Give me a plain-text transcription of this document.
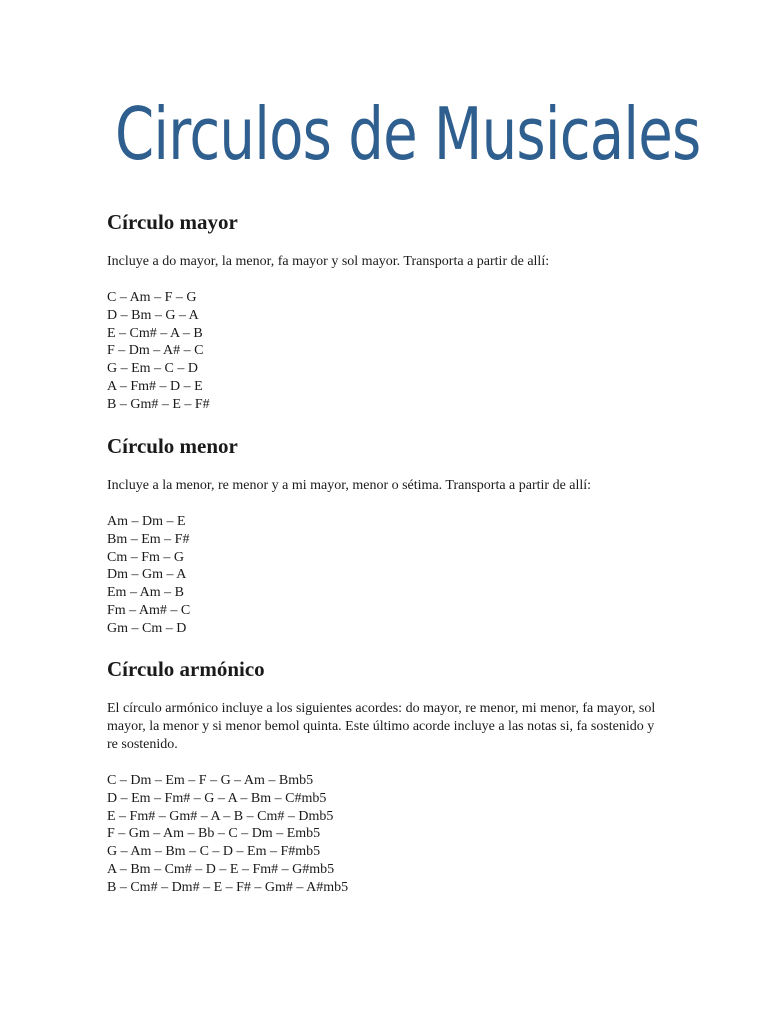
Circulos de Musicales
Círculo mayor

Incluye a do mayor, la menor, fa mayor y sol mayor. Transporta a partir de allí:

C – Am – F – G
D – Bm – G – A
E – Cm# – A – B
F – Dm – A# – C
G – Em – C – D
A – Fm# – D – E
B – Gm# – E – F#
Círculo menor

Incluye a la menor, re menor y a mi mayor, menor o sétima. Transporta a partir de allí:

Am – Dm – E
Bm – Em – F#
Cm – Fm – G
Dm – Gm – A
Em – Am – B
Fm – Am# – C
Gm – Cm – D
Círculo armónico

El círculo armónico incluye a los siguientes acordes: do mayor, re menor, mi menor, fa mayor, sol mayor, la menor y si menor bemol quinta. Este último acorde incluye a las notas si, fa sostenido y re sostenido.

C – Dm – Em – F – G – Am – Bmb5
D – Em – Fm# – G – A – Bm – C#mb5
E – Fm# – Gm# – A – B – Cm# – Dmb5
F – Gm – Am – Bb – C – Dm – Emb5
G – Am – Bm – C – D – Em – F#mb5
A – Bm – Cm# – D – E – Fm# – G#mb5
B – Cm# – Dm# – E – F# – Gm# – A#mb5
